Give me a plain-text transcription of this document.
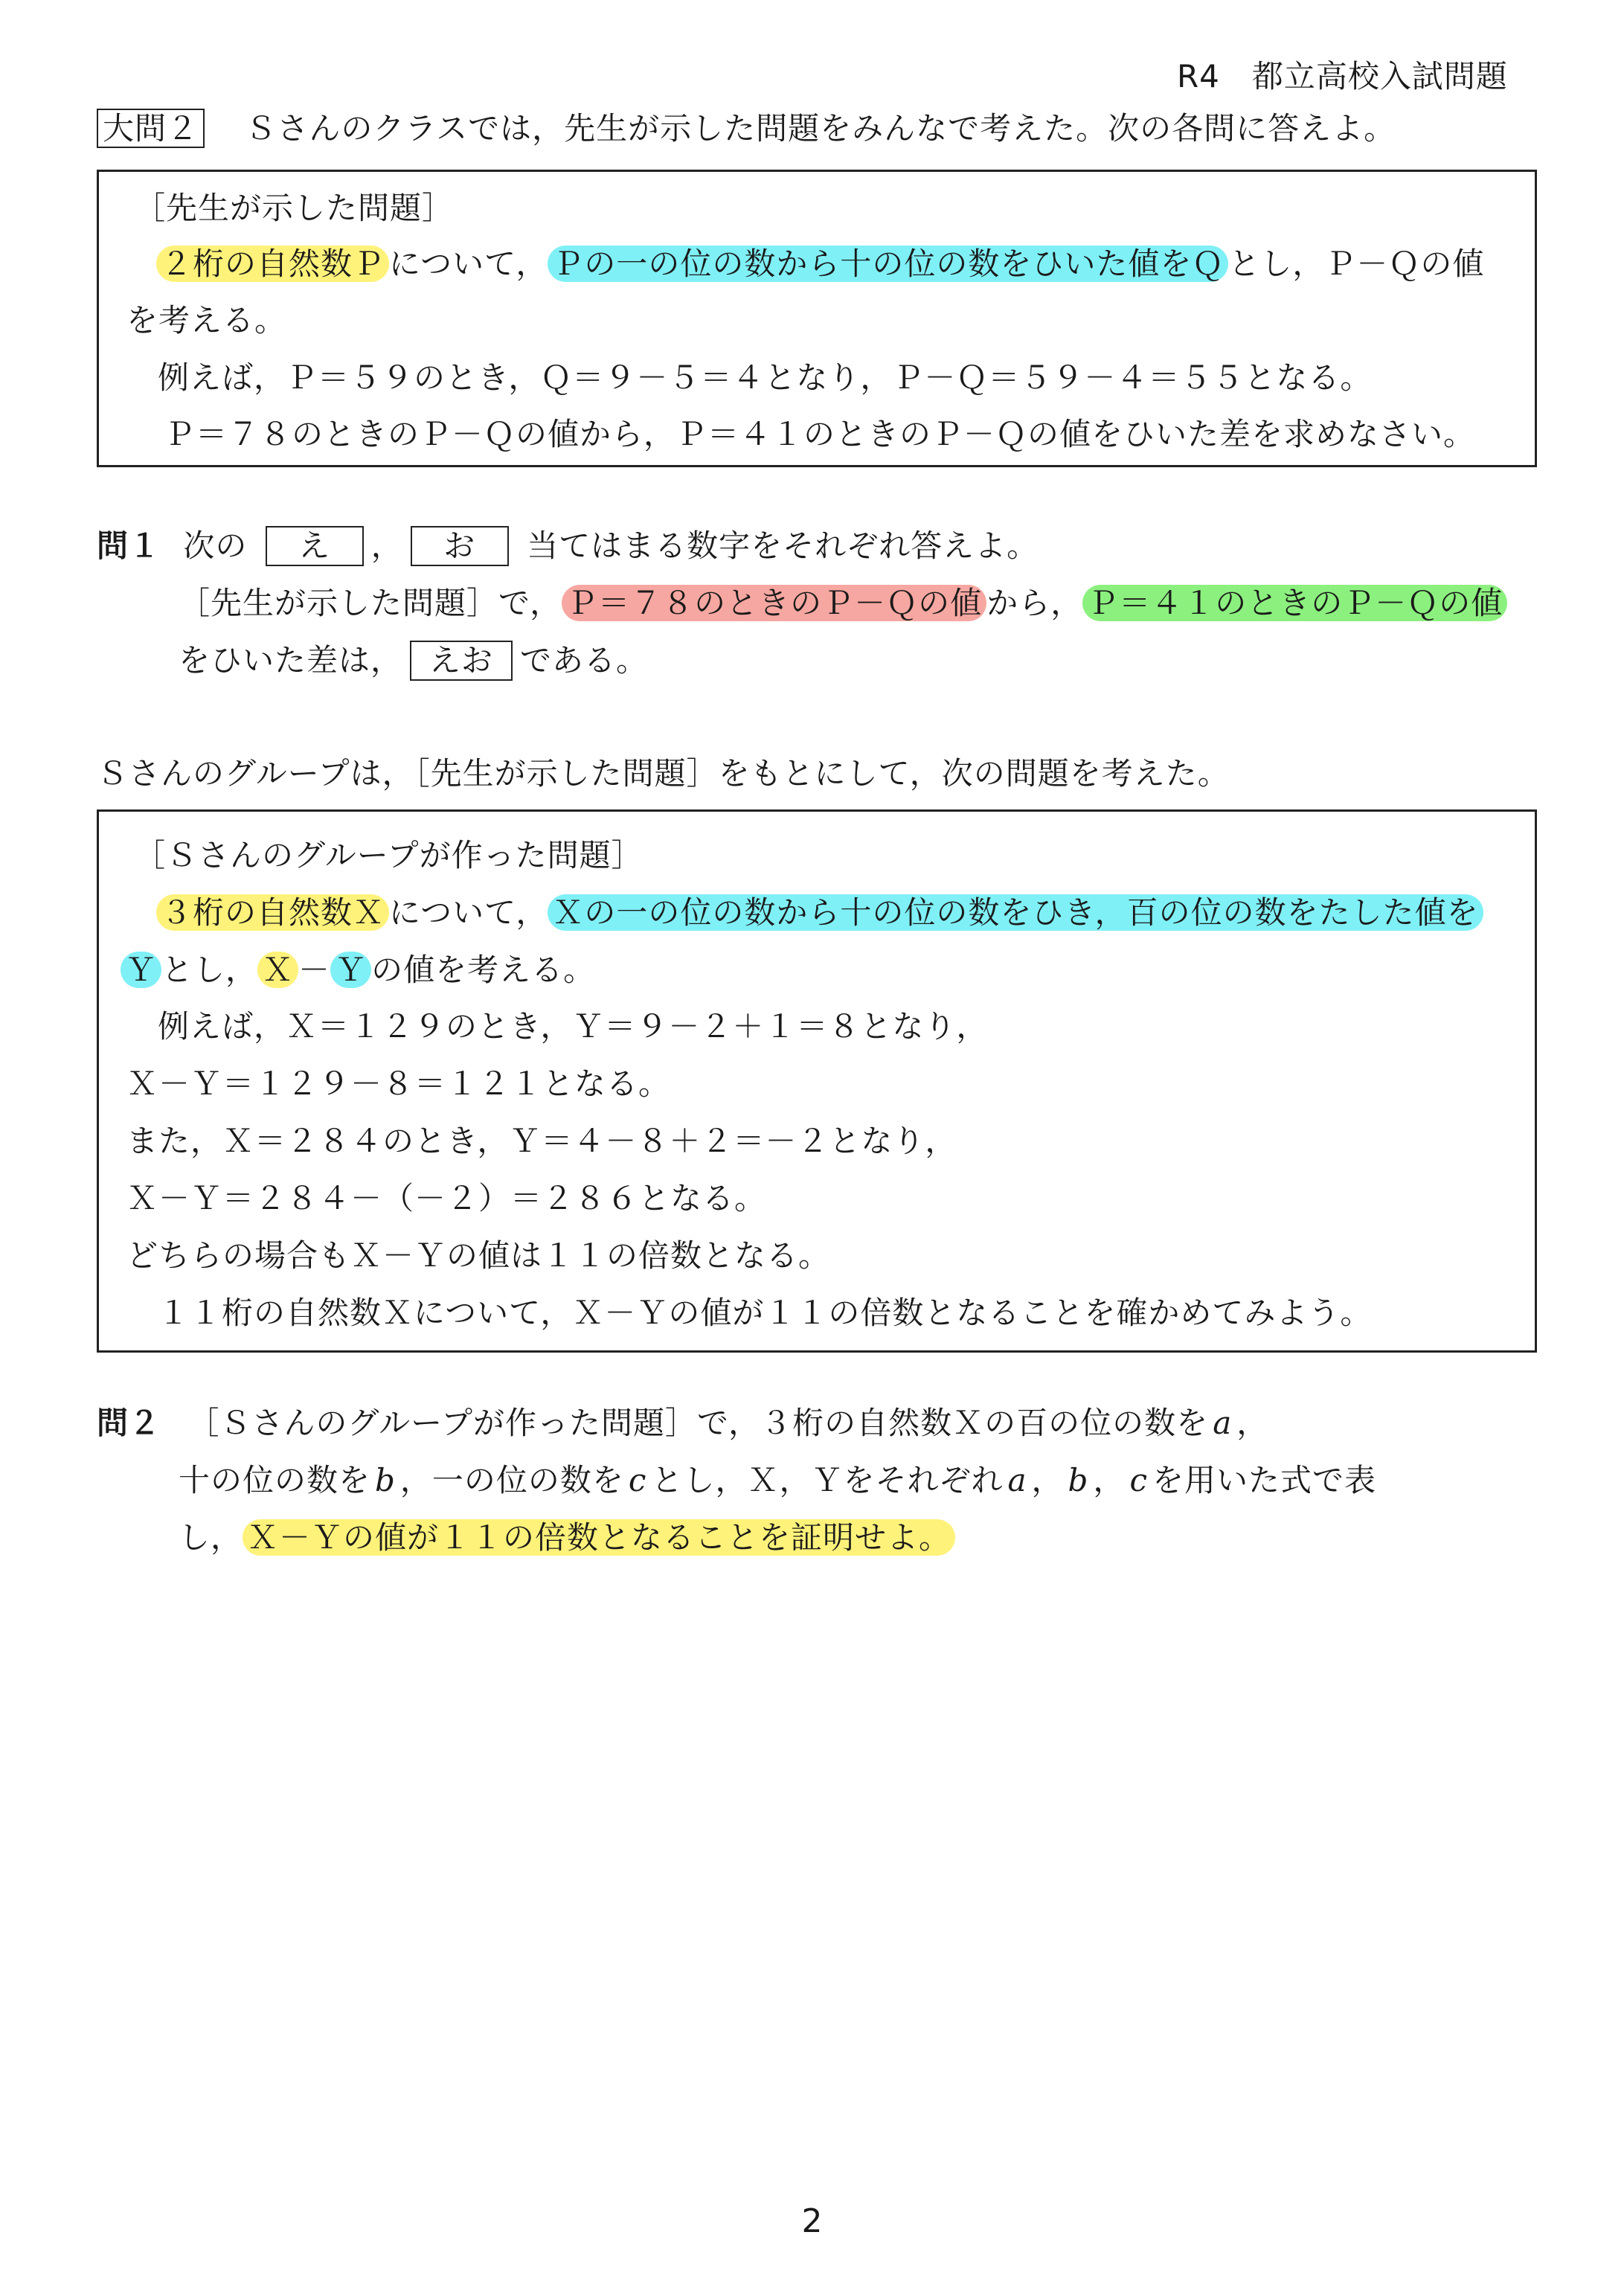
R4　都立高校入試問題
大問２ Ｓさんのクラスでは，先生が示した問題をみんなで考えた。次の各問に答えよ。
［先生が示した問題］
２桁の自然数Ｐ について， Ｐの一の位の数から十の位の数をひいた値をＱ とし，Ｐ－Ｑの値
を考える。
例えば，Ｐ＝５９のとき，Ｑ＝９－５＝４となり，Ｐ－Ｑ＝５９－４＝５５となる。
Ｐ＝７８のときのＰ－Ｑの値から，Ｐ＝４１のときのＰ－Ｑの値をひいた差を求めなさい。
問１ 次の え ， お 当てはまる数字をそれぞれ答えよ。
［先生が示した問題］で， Ｐ＝７８のときのＰ－Ｑの値 から， Ｐ＝４１のときのＰ－Ｑの値
をひいた差は， えお である。
Ｓさんのグループは，［先生が示した問題］をもとにして，次の問題を考えた。
［Ｓさんのグループが作った問題］
３桁の自然数Ｘ について， Ｘの一の位の数から十の位の数をひき，百の位の数をたした値を
Ｙ とし， Ｘ － Ｙ の値を考える。
例えば，Ｘ＝１２９のとき，Ｙ＝９－２＋１＝８となり，
Ｘ－Ｙ＝１２９－８＝１２１となる。
また，Ｘ＝２８４のとき，Ｙ＝４－８＋２＝－２となり，
Ｘ－Ｙ＝２８４－（－２）＝２８６となる。
どちらの場合もＸ－Ｙの値は１１の倍数となる。
１１桁の自然数Ｘについて，Ｘ－Ｙの値が１１の倍数となることを確かめてみよう。
問２ ［Ｓさんのグループが作った問題］で，３桁の自然数Ｘの百の位の数を a ，
十の位の数を b ，一の位の数を c とし，Ｘ，Ｙをそれぞれ a ， b ， c を用いた式で表
し， Ｘ－Ｙの値が１１の倍数となることを証明せよ。
2
